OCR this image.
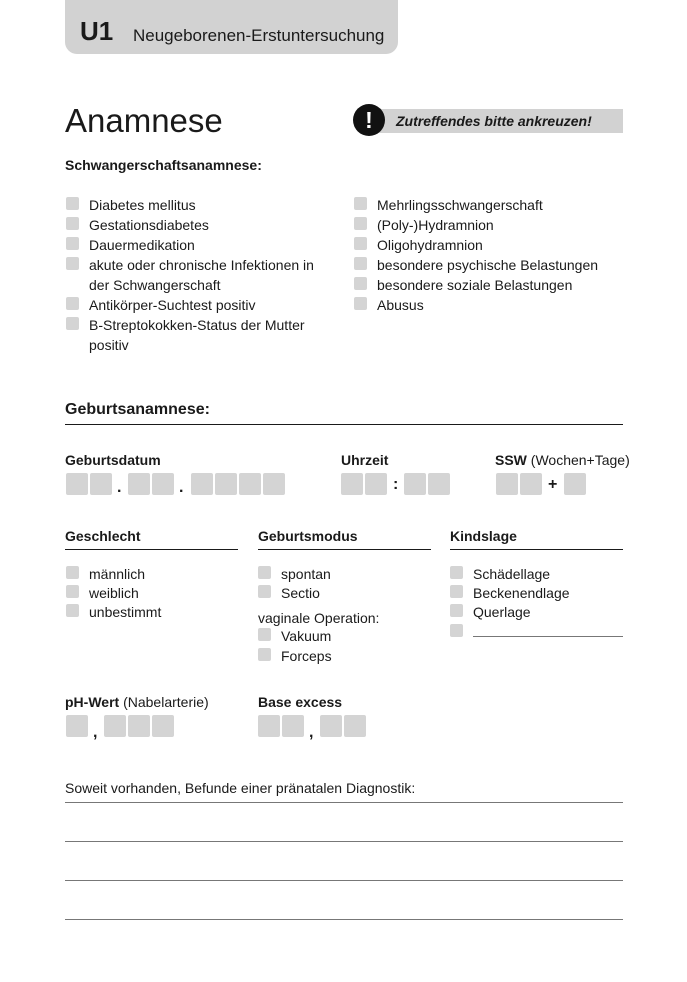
U1 Neugeborenen-Erstuntersuchung
Anamnese	!	Zutreffendes bitte ankreuzen!
Schwangerschaftsanamnese:
Diabetes mellitus
Gestationsdiabetes
Dauermedikation
akute oder chronische Infektionen in
der Schwangerschaft
Antikörper-Suchtest positiv
B-Streptokokken-Status der Mutter
positiv
Mehrlingsschwangerschaft
(Poly-)Hydramnion
Oligohydramnion
besondere psychische Belastungen
besondere soziale Belastungen
Abusus
Geburtsanamnese:
Geburtsdatum
.	.
Uhrzeit
:
SSW (Wochen+Tage)
+
Geschlecht
männlich
weiblich
unbestimmt
Geburtsmodus
spontan
Sectio
vaginale Operation:
Vakuum
Forceps
Kindslage
Schädellage
Beckenendlage
Querlage
pH-Wert (Nabelarterie)
,
Base excess
,
Soweit vorhanden, Befunde einer pränatalen Diagnostik:
